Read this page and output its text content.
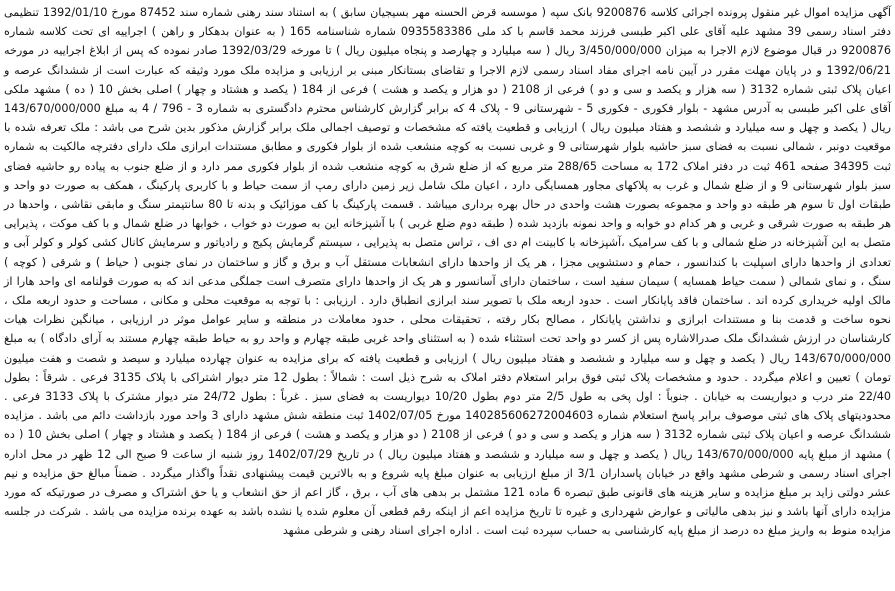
آگهی مزایده اموال غیر منقول پرونده اجرائی کلاسه 9200876 بانک سپه ( موسسه قرض الحسنه مهر بسیجیان سابق ) به استناد سند رهنی شماره سند 87452 مورخ 1392/01/10 تنظیمی دفتر اسناد رسمی 39 مشهد علیه آقای علی اکبر طبسی فرزند محمد قاسم با کد ملی 0935583386 شماره شناسنامه 165 ( به عنوان بدهکار و راهن ) اجراییه ای تحت کلاسه شماره 9200876 در قبال موضوع لازم الاجرا به میزان 3/450/000/000 ریال ( سه میلیارد و چهارصد و پنجاه میلیون ریال ) تا مورخه 1392/03/29 صادر نموده که پس از ابلاغ اجراییه در مورخه 1392/06/21 و در پایان مهلت مقرر در آیین نامه اجرای مفاد اسناد رسمی لازم الاجرا و تقاضای بستانکار مبنی بر ارزیابی و مزایده ملک مورد وثیقه که عبارت است از ششدانگ عرصه و اعیان پلاک ثبتی شماره 3132 ( سه هزار و یکصد و سی و دو ) فرعی از 2108 ( دو هزار و یکصد و هشت ) فرعی از 184 ( یکصد و هشتاد و چهار ) اصلی بخش 10 ( ده ) مشهد ملکی آقای علی اکبر طبسی به آدرس مشهد - بلوار فکوری - فکوری 5 - شهرستانی 9 - پلاک 4 که برابر گزارش کارشناس محترم دادگستری به شماره 3 - 796 / 4 به مبلغ 143/670/000/000 ریال ( یکصد و چهل و سه میلیارد و ششصد و هفتاد میلیون ریال ) ارزیابی و قطعیت یافته که مشخصات و توصیف اجمالی ملک برابر گزارش مذکور بدین شرح می باشد : ملک تعرفه شده با موقعیت دونبر ، شمالی نسبت به فضای سبز حاشیه بلوار شهرستانی 9 و غربی نسبت به کوچه منشعب شده از بلوار فکوری و مطابق مستندات ابرازی ملک دارای دفترچه مالکیت به شماره ثبت 34395 صفحه 461 ثبت در دفتر املاک 172 به مساحت 288/65 متر مربع که از ضلع شرق به کوچه منشعب شده از بلوار فکوری ممر دارد و از ضلع جنوب به پیاده رو حاشیه فضای سبز بلوار شهرستانی 9 و از ضلع شمال و غرب به پلاکهای مجاور همسایگی دارد ، اعیان ملک شامل زیر زمین دارای رمپ از سمت حیاط و با کاربری پارکینگ ، همکف به صورت دو واحد و طبقات اول تا سوم هر طبقه دو واحد و مجموعه بصورت هشت واحدی در حال بهره برداری میباشد . قسمت پارکینگ با کف موزائیک و بدنه تا 80 سانتیمتر سنگ و مابقی نقاشی ، واحدها در هر طبقه به صورت شرقی و غربی و هر کدام دو خوابه و واحد نمونه بازدید شده ( طبقه دوم ضلع غربی ) با آشپزخانه این به صورت دو خواب ، خوابها در ضلع شمال و با کف موکت ، پذیرایی متصل به این آشپزخانه در ضلع شمالی و با کف سرامیک ،آشپزخانه با کابینت ام دی اف ، تراس متصل به پذیرایی ، سیستم گرمایش پکیج و رادیاتور و سرمایش کانال کشی کولر و کولر آبی و تعدادی از واحدها دارای اسپلیت با کندانسور ، حمام و دستشویی مجزا ، هر یک از واحدها دارای انشعابات مستقل آب و برق و گاز و ساختمان در نمای جنوبی ( حیاط ) و شرقی ( کوچه ) سنگ ، و نمای شمالی ( سمت حیاط همسایه ) سیمان سفید است ، ساختمان دارای آسانسور و هر یک از واحدها دارای متصرف است جملگی مدعی اند که به صورت قولنامه ای واحد هارا از مالک اولیه خریداری کرده اند . ساختمان فاقد پایانکار است . حدود اربعه ملک با تصویر سند ابرازی انطباق دارد . ارزیابی : با توجه به موقعیت محلی و مکانی ، مساحت و حدود اربعه ملک ، نحوه ساخت و قدمت بنا و مستندات ابرازی و نداشتن پایانکار ، مصالح بکار رفته ، تحقیقات محلی ، حدود معاملات در منطقه و سایر عوامل موثر در ارزیابی ، میانگین نظرات هیات کارشناسان در ارزش ششدانگ ملک صدرالاشاره پس از کسر دو واحد تحت استثناء شده ( به استثنای واحد غربی طبقه چهارم و واحد رو به حیاط طبقه چهارم مستند به آرای دادگاه ) به مبلغ 143/670/000/000 ریال ( یکصد و چهل و سه میلیارد و ششصد و هفتاد میلیون ریال ) ارزیابی و قطعیت یافته که برای مزایده به عنوان چهارده میلیارد و سیصد و شصت و هفت میلیون تومان ) تعیین و اعلام میگردد . حدود و مشخصات پلاک ثبتی فوق برابر استعلام دفتر املاک به شرح ذیل است : شمالاً : بطول 12 متر دیوار اشتراکی با پلاک 3135 فرعی . شرقاً : بطول 22/40 متر درب و دیواریست به خیابان . جنوباً : اول پخی به طول 2/5 متر دوم بطول 10/20 دیواریست به فضای سبز . غرباً : بطول 24/72 متر دیوار مشترک با پلاک 3133 فرعی . محدودیتهای پلاک های ثبتی موصوف برابر پاسخ استعلام شماره 140285606272004603 مورخ 1402/07/05 ثبت منطقه شش مشهد دارای 3 واحد مورد بازداشت دائم می باشد . مزایده ششدانگ عرصه و اعیان پلاک ثبتی شماره 3132 ( سه هزار و یکصد و سی و دو ) فرعی از 2108 ( دو هزار و یکصد و هشت ) فرعی از 184 ( یکصد و هشتاد و چهار ) اصلی بخش 10 ( ده ) مشهد از مبلغ پایه 143/670/000/000 ریال ( یکصد و چهل و سه میلیارد و ششصد و هفتاد میلیون ریال ) در تاریخ 1402/07/29 روز شنبه از ساعت 9 صبح الی 12 ظهر در محل اداره اجرای اسناد رسمی و شرطی مشهد واقع در خیابان پاسداران 3/1 از مبلغ ارزیابی به عنوان مبلغ پایه شروع و به بالاترین قیمت پیشنهادی نقداً واگذار میگردد . ضمناً مبالغ حق مزایده و نیم عشر دولتی زاید بر مبلغ مزایده و سایر هزینه های قانونی طبق تبصره 6 ماده 121 مشتمل بر بدهی های آب ، برق ، گاز اعم از حق انشعاب و یا حق اشتراک و مصرف در صورتیکه که مورد مزایده دارای آنها باشد و نیز بدهی مالیاتی و عوارض شهرداری و غیره تا تاریخ مزایده اعم از اینکه رقم قطعی آن معلوم شده یا نشده باشد به عهده برنده مزایده می باشد . شرکت در جلسه مزایده منوط به واریز مبلغ ده درصد از مبلغ پایه کارشناسی به حساب سپرده ثبت است . اداره اجرای اسناد رهنی و شرطی مشهد
